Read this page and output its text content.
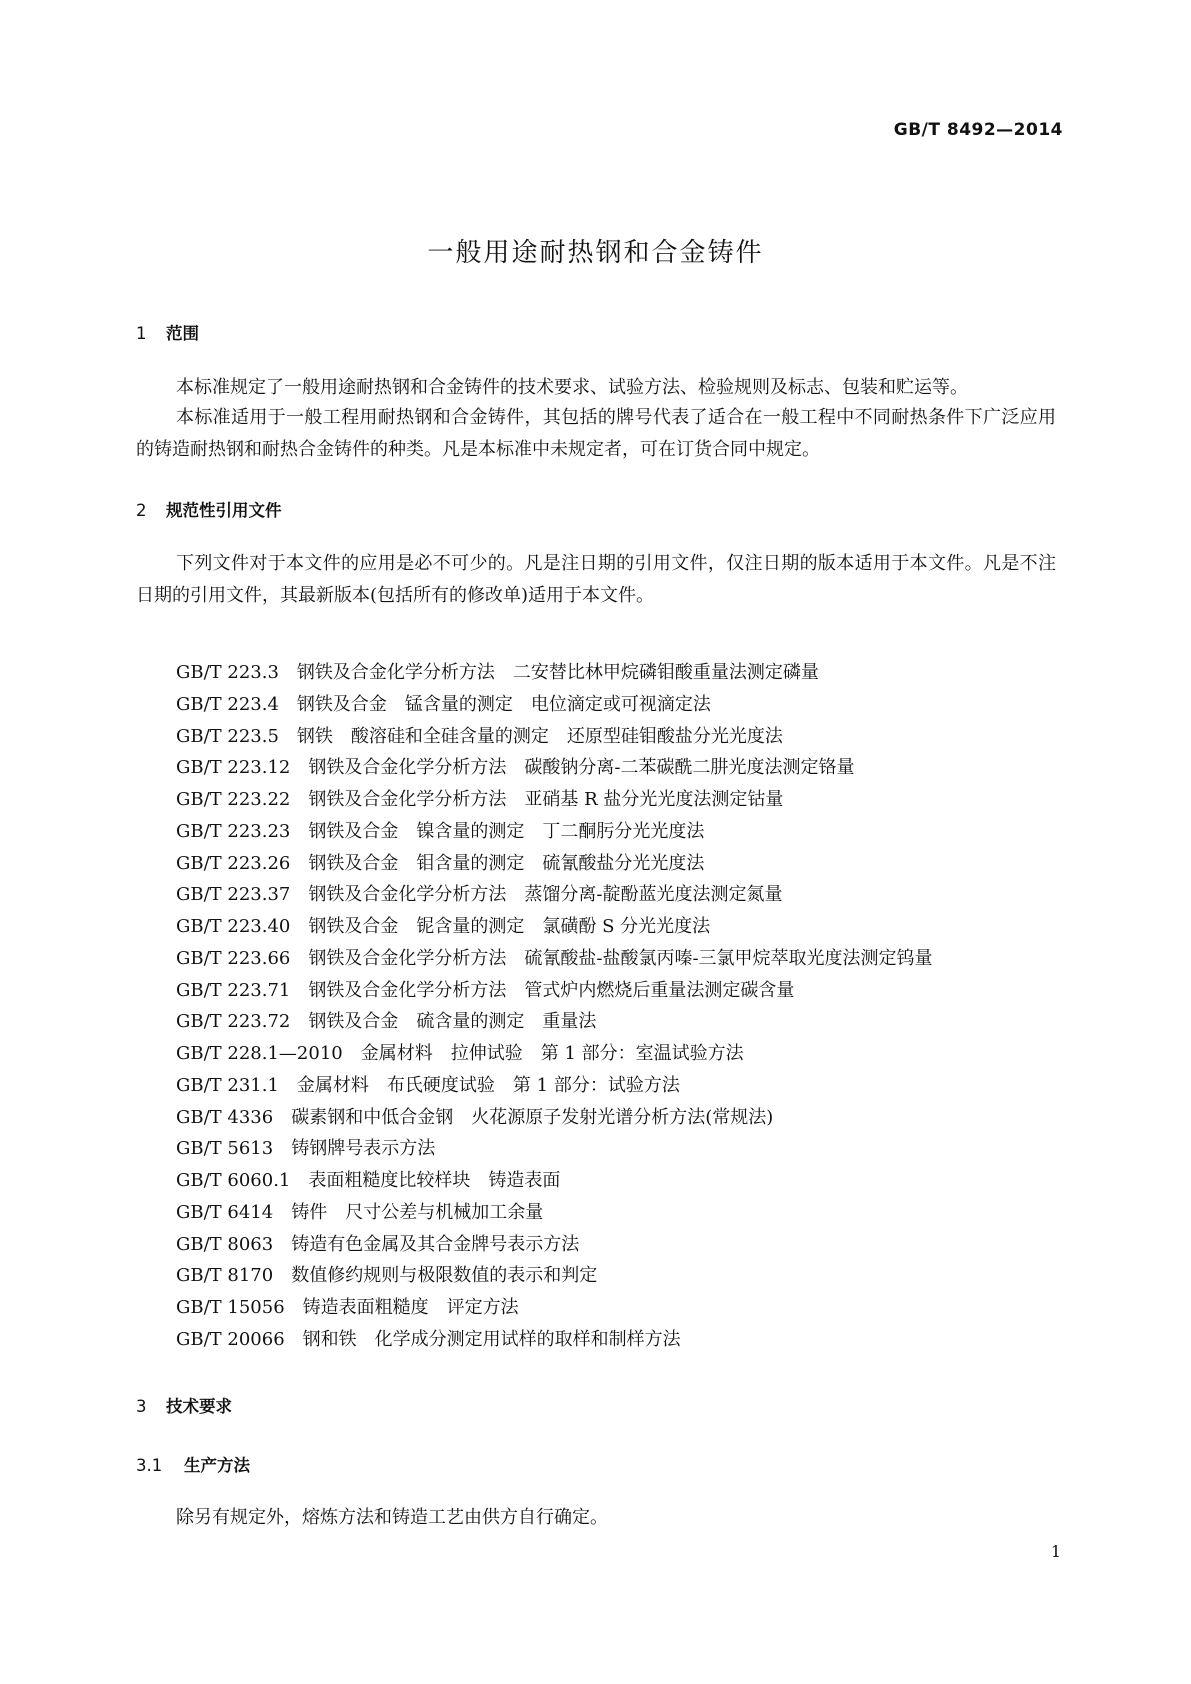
GB/T 8492—2014
一般用途耐热钢和合金铸件
1 范围
本标准规定了一般用途耐热钢和合金铸件的技术要求、试验方法、检验规则及标志、包装和贮运等。
本标准适用于一般工程用耐热钢和合金铸件，其包括的牌号代表了适合在一般工程中不同耐热条件下广泛应用的铸造耐热钢和耐热合金铸件的种类。凡是本标准中未规定者，可在订货合同中规定。
2 规范性引用文件
下列文件对于本文件的应用是必不可少的。凡是注日期的引用文件，仅注日期的版本适用于本文件。凡是不注日期的引用文件，其最新版本(包括所有的修改单)适用于本文件。
GB/T 223.3　钢铁及合金化学分析方法　二安替比林甲烷磷钼酸重量法测定磷量
GB/T 223.4　钢铁及合金　锰含量的测定　电位滴定或可视滴定法
GB/T 223.5　钢铁　酸溶硅和全硅含量的测定　还原型硅钼酸盐分光光度法
GB/T 223.12　钢铁及合金化学分析方法　碳酸钠分离-二苯碳酰二肼光度法测定铬量
GB/T 223.22　钢铁及合金化学分析方法　亚硝基 R 盐分光光度法测定钴量
GB/T 223.23　钢铁及合金　镍含量的测定　丁二酮肟分光光度法
GB/T 223.26　钢铁及合金　钼含量的测定　硫氰酸盐分光光度法
GB/T 223.37　钢铁及合金化学分析方法　蒸馏分离-靛酚蓝光度法测定氮量
GB/T 223.40　钢铁及合金　铌含量的测定　氯磺酚 S 分光光度法
GB/T 223.66　钢铁及合金化学分析方法　硫氰酸盐-盐酸氯丙嗪-三氯甲烷萃取光度法测定钨量
GB/T 223.71　钢铁及合金化学分析方法　管式炉内燃烧后重量法测定碳含量
GB/T 223.72　钢铁及合金　硫含量的测定　重量法
GB/T 228.1—2010　金属材料　拉伸试验　第 1 部分：室温试验方法
GB/T 231.1　金属材料　布氏硬度试验　第 1 部分：试验方法
GB/T 4336　碳素钢和中低合金钢　火花源原子发射光谱分析方法(常规法)
GB/T 5613　铸钢牌号表示方法
GB/T 6060.1　表面粗糙度比较样块　铸造表面
GB/T 6414　铸件　尺寸公差与机械加工余量
GB/T 8063　铸造有色金属及其合金牌号表示方法
GB/T 8170　数值修约规则与极限数值的表示和判定
GB/T 15056　铸造表面粗糙度　评定方法
GB/T 20066　钢和铁　化学成分测定用试样的取样和制样方法
3 技术要求
3.1 生产方法
除另有规定外，熔炼方法和铸造工艺由供方自行确定。
1
